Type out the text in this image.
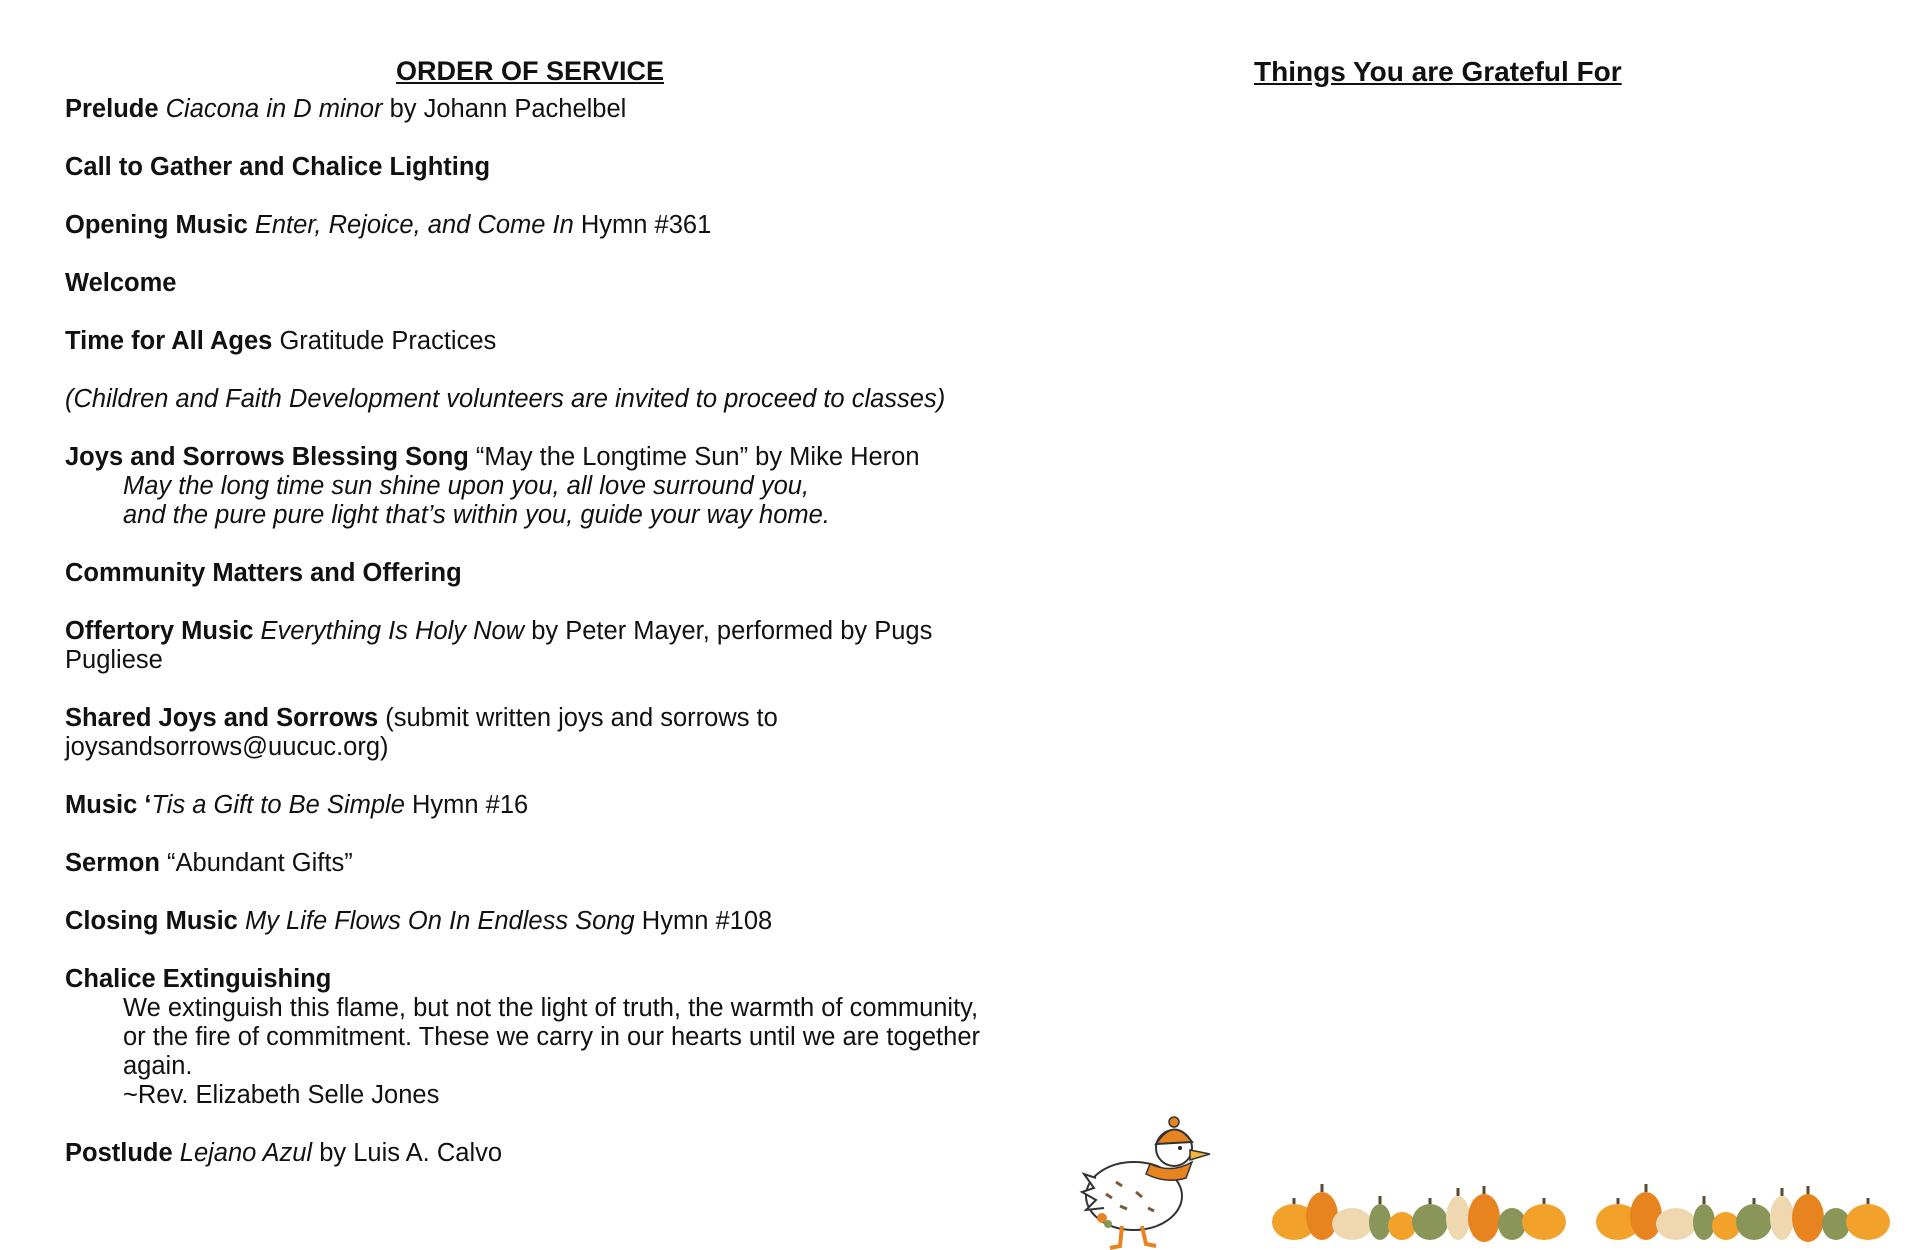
ORDER OF SERVICE
Prelude Ciacona in D minor by Johann Pachelbel
Call to Gather and Chalice Lighting
Opening Music Enter, Rejoice, and Come In Hymn #361
Welcome
Time for All Ages Gratitude Practices
(Children and Faith Development volunteers are invited to proceed to classes)
Joys and Sorrows Blessing Song “May the Longtime Sun” by Mike Heron
May the long time sun shine upon you, all love surround you,
and the pure pure light that’s within you, guide your way home.
Community Matters and Offering
Offertory Music Everything Is Holy Now by Peter Mayer, performed by Pugs Pugliese
Shared Joys and Sorrows (submit written joys and sorrows to joysandsorrows@uucuc.org)
Music ‘Tis a Gift to Be Simple Hymn #16
Sermon “Abundant Gifts”
Closing Music My Life Flows On In Endless Song Hymn #108
Chalice Extinguishing
We extinguish this flame, but not the light of truth, the warmth of community, or the fire of commitment. These we carry in our hearts until we are together again.
~Rev. Elizabeth Selle Jones
Postlude Lejano Azul by Luis A. Calvo
Things You are Grateful For
